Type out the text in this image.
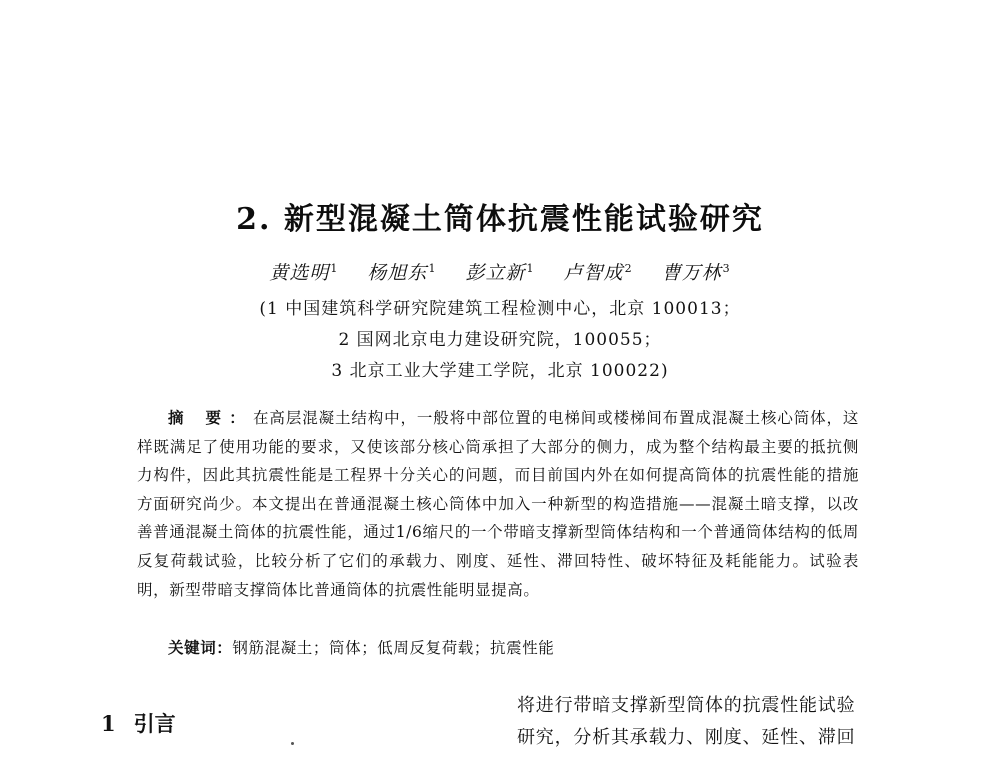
2. 新型混凝土筒体抗震性能试验研究
黄选明$^1$ 杨旭东$^1$ 彭立新$^1$ 卢智成$^2$ 曹万林$^3$
(1 中国建筑科学研究院建筑工程检测中心，北京 100013；
2 国网北京电力建设研究院，100055；
3 北京工业大学建工学院，北京 100022)

摘 要：在高层混凝土结构中，一般将中部位置的电梯间或楼梯间布置成混凝土核心筒体，这样既满足了使用功能的要求，又使该部分核心筒承担了大部分的侧力，成为整个结构最主要的抵抗侧力构件，因此其抗震性能是工程界十分关心的问题，而目前国内外在如何提高筒体的抗震性能的措施方面研究尚少。本文提出在普通混凝土核心筒体中加入一种新型的构造措施——混凝土暗支撑，以改善普通混凝土筒体的抗震性能，通过1/6缩尺的一个带暗支撑新型筒体结构和一个普通筒体结构的低周反复荷载试验，比较分析了它们的承载力、刚度、延性、滞回特性、破坏特征及耗能能力。试验表明，新型带暗支撑筒体比普通筒体的抗震性能明显提高。

关键词：钢筋混凝土；筒体；低周反复荷载；抗震性能
1 引言
将进行带暗支撑新型筒体的抗震性能试验
研究，分析其承载力、刚度、延性、滞回
